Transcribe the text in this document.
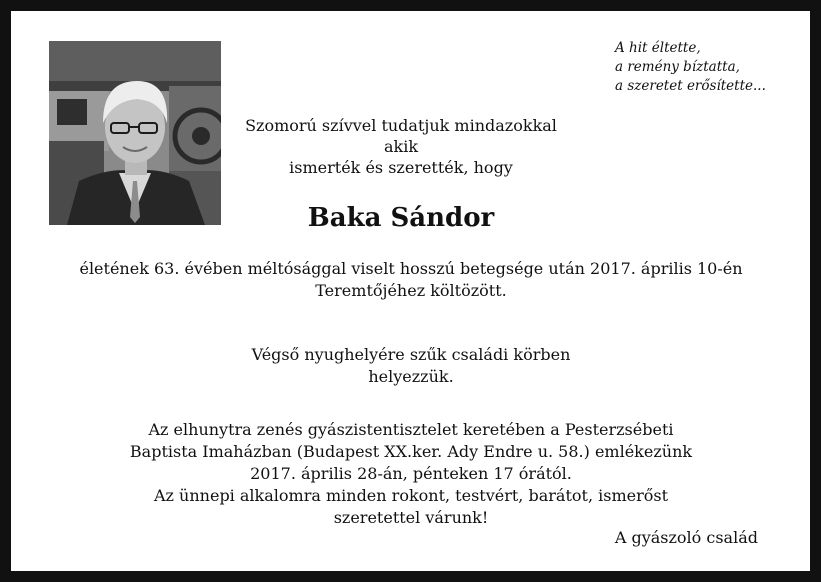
A hit éltette,
a remény bíztatta,
a szeretet erősítette...
Szomorú szívvel tudatjuk mindazokkal
akik
ismerték és szerették, hogy
Baka Sándor
életének 63. évében méltósággal viselt hosszú betegsége után 2017. április 10-én
Teremtőjéhez költözött.
Végső nyughelyére szűk családi körben
helyezzük.
Az elhunytra zenés gyászistentisztelet keretében a Pesterzsébeti
Baptista Imaházban (Budapest XX.ker. Ady Endre u. 58.) emlékezünk
2017. április 28-án, pénteken 17 órától.
Az ünnepi alkalomra minden rokont, testvért, barátot, ismerőst
szeretettel várunk!
A gyászoló család
